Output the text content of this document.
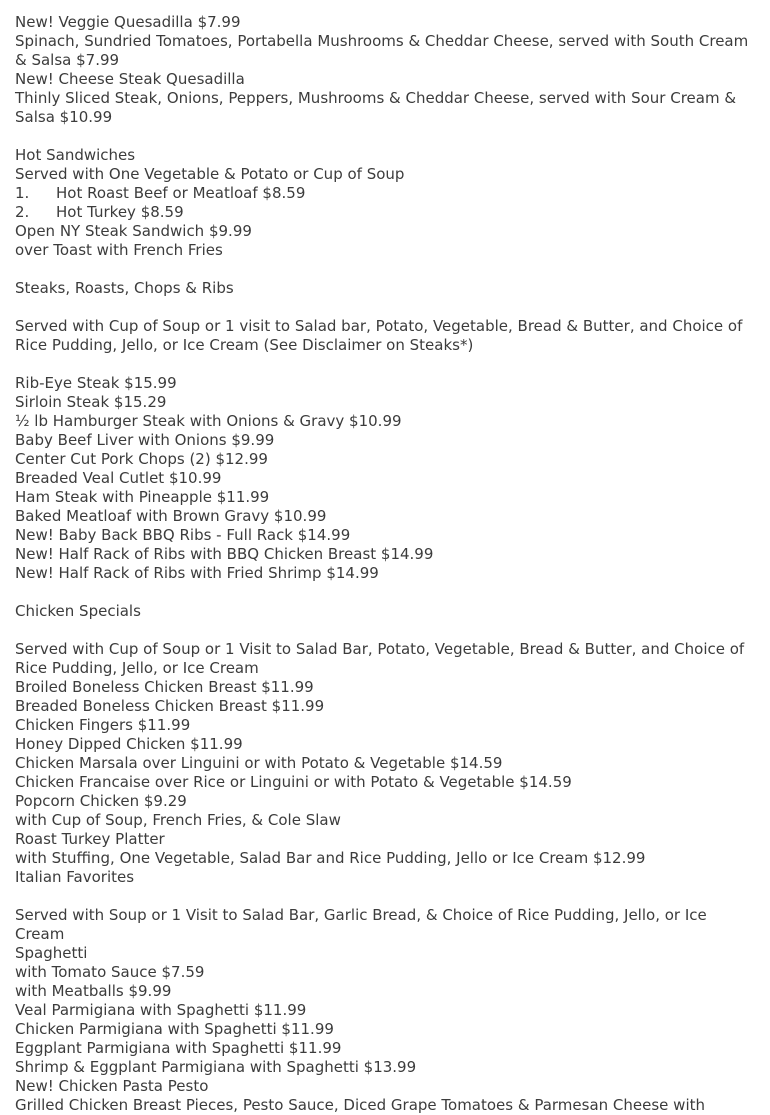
New! Veggie Quesadilla $7.99

Spinach, Sundried Tomatoes, Portabella Mushrooms & Cheddar Cheese, served with South Cream & Salsa $7.99

New! Cheese Steak Quesadilla

Thinly Sliced Steak, Onions, Peppers, Mushrooms & Cheddar Cheese, served with Sour Cream & Salsa $10.99

Hot Sandwiches

Served with One Vegetable & Potato or Cup of Soup

1. Hot Roast Beef or Meatloaf $8.59

2. Hot Turkey $8.59

Open NY Steak Sandwich $9.99

over Toast with French Fries

Steaks, Roasts, Chops & Ribs

Served with Cup of Soup or 1 visit to Salad bar, Potato, Vegetable, Bread & Butter, and Choice of Rice Pudding, Jello, or Ice Cream (See Disclaimer on Steaks*)

Rib-Eye Steak $15.99

Sirloin Steak $15.29

½ lb Hamburger Steak with Onions & Gravy $10.99

Baby Beef Liver with Onions $9.99

Center Cut Pork Chops (2) $12.99

Breaded Veal Cutlet $10.99

Ham Steak with Pineapple $11.99

Baked Meatloaf with Brown Gravy $10.99

New! Baby Back BBQ Ribs - Full Rack $14.99

New! Half Rack of Ribs with BBQ Chicken Breast $14.99

New! Half Rack of Ribs with Fried Shrimp $14.99

Chicken Specials

Served with Cup of Soup or 1 Visit to Salad Bar, Potato, Vegetable, Bread & Butter, and Choice of Rice Pudding, Jello, or Ice Cream

Broiled Boneless Chicken Breast $11.99

Breaded Boneless Chicken Breast $11.99

Chicken Fingers $11.99

Honey Dipped Chicken $11.99

Chicken Marsala over Linguini or with Potato & Vegetable $14.59

Chicken Francaise over Rice or Linguini or with Potato & Vegetable $14.59

Popcorn Chicken $9.29

with Cup of Soup, French Fries, & Cole Slaw

Roast Turkey Platter

with Stuffing, One Vegetable, Salad Bar and Rice Pudding, Jello or Ice Cream $12.99

Italian Favorites

Served with Soup or 1 Visit to Salad Bar, Garlic Bread, & Choice of Rice Pudding, Jello, or Ice Cream

Spaghetti

with Tomato Sauce $7.59

with Meatballs $9.99

Veal Parmigiana with Spaghetti $11.99

Chicken Parmigiana with Spaghetti $11.99

Eggplant Parmigiana with Spaghetti $11.99

Shrimp & Eggplant Parmigiana with Spaghetti $13.99

New! Chicken Pasta Pesto

Grilled Chicken Breast Pieces, Pesto Sauce, Diced Grape Tomatoes & Parmesan Cheese with
